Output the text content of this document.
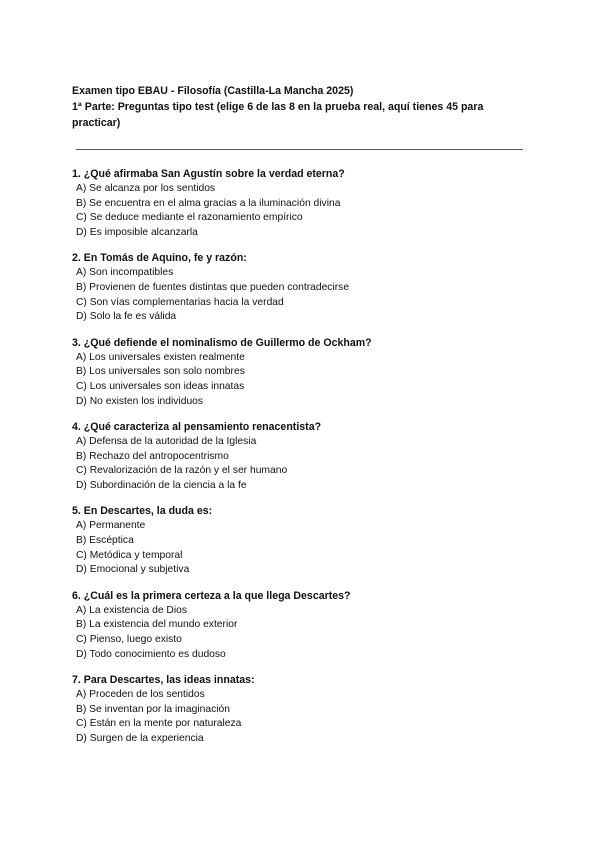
Examen tipo EBAU - Filosofía (Castilla-La Mancha 2025)

1ª Parte: Preguntas tipo test (elige 6 de las 8 en la prueba real, aquí tienes 45 para

practicar)

1. ¿Qué afirmaba San Agustín sobre la verdad eterna?

A) Se alcanza por los sentidos

B) Se encuentra en el alma gracias a la iluminación divina

C) Se deduce mediante el razonamiento empírico

D) Es imposible alcanzarla

2. En Tomás de Aquino, fe y razón:

A) Son incompatibles

B) Provienen de fuentes distintas que pueden contradecirse

C) Son vías complementarias hacia la verdad

D) Solo la fe es válida

3. ¿Qué defiende el nominalismo de Guillermo de Ockham?

A) Los universales existen realmente

B) Los universales son solo nombres

C) Los universales son ideas innatas

D) No existen los individuos

4. ¿Qué caracteriza al pensamiento renacentista?

A) Defensa de la autoridad de la Iglesia

B) Rechazo del antropocentrismo

C) Revalorización de la razón y el ser humano

D) Subordinación de la ciencia a la fe

5. En Descartes, la duda es:

A) Permanente

B) Escéptica

C) Metódica y temporal

D) Emocional y subjetiva

6. ¿Cuál es la primera certeza a la que llega Descartes?

A) La existencia de Dios

B) La existencia del mundo exterior

C) Pienso, luego existo

D) Todo conocimiento es dudoso

7. Para Descartes, las ideas innatas:

A) Proceden de los sentidos

B) Se inventan por la imaginación

C) Están en la mente por naturaleza

D) Surgen de la experiencia
